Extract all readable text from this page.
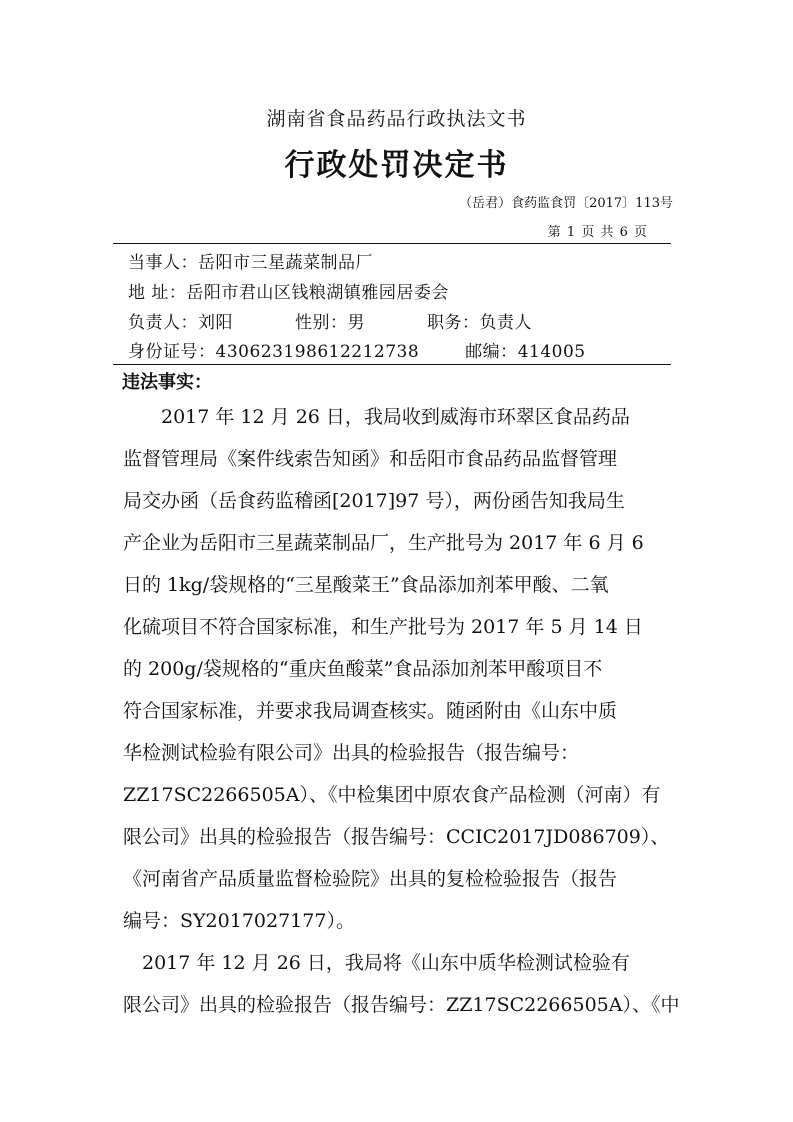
湖南省食品药品行政执法文书
行政处罚决定书
（岳君）食药监食罚〔2017〕113号
第 1 页 共 6 页
当事人：岳阳市三星蔬菜制品厂
地 址：岳阳市君山区钱粮湖镇雅园居委会
负责人：刘阳	性别：男	职务：负责人
身份证号：430623198612212738	邮编：414005
违法事实：
　　2017 年 12 月 26 日，我局收到威海市环翠区食品药品
监督管理局《案件线索告知函》和岳阳市食品药品监督管理
局交办函（岳食药监稽函[2017]97 号），两份函告知我局生
产企业为岳阳市三星蔬菜制品厂，生产批号为 2017 年 6 月 6
日的 1kg/袋规格的“三星酸菜王”食品添加剂苯甲酸、二氧
化硫项目不符合国家标准，和生产批号为 2017 年 5 月 14 日
的 200g/袋规格的“重庆鱼酸菜”食品添加剂苯甲酸项目不
符合国家标准，并要求我局调查核实。随函附由《山东中质
华检测试检验有限公司》出具的检验报告（报告编号：
ZZ17SC2266505A）、《中检集团中原农食产品检测（河南）有
限公司》出具的检验报告（报告编号：CCIC2017JD086709）、
《河南省产品质量监督检验院》出具的复检检验报告（报告
编号：SY2017027177）。
　2017 年 12 月 26 日，我局将《山东中质华检测试检验有
限公司》出具的检验报告（报告编号：ZZ17SC2266505A）、《中
